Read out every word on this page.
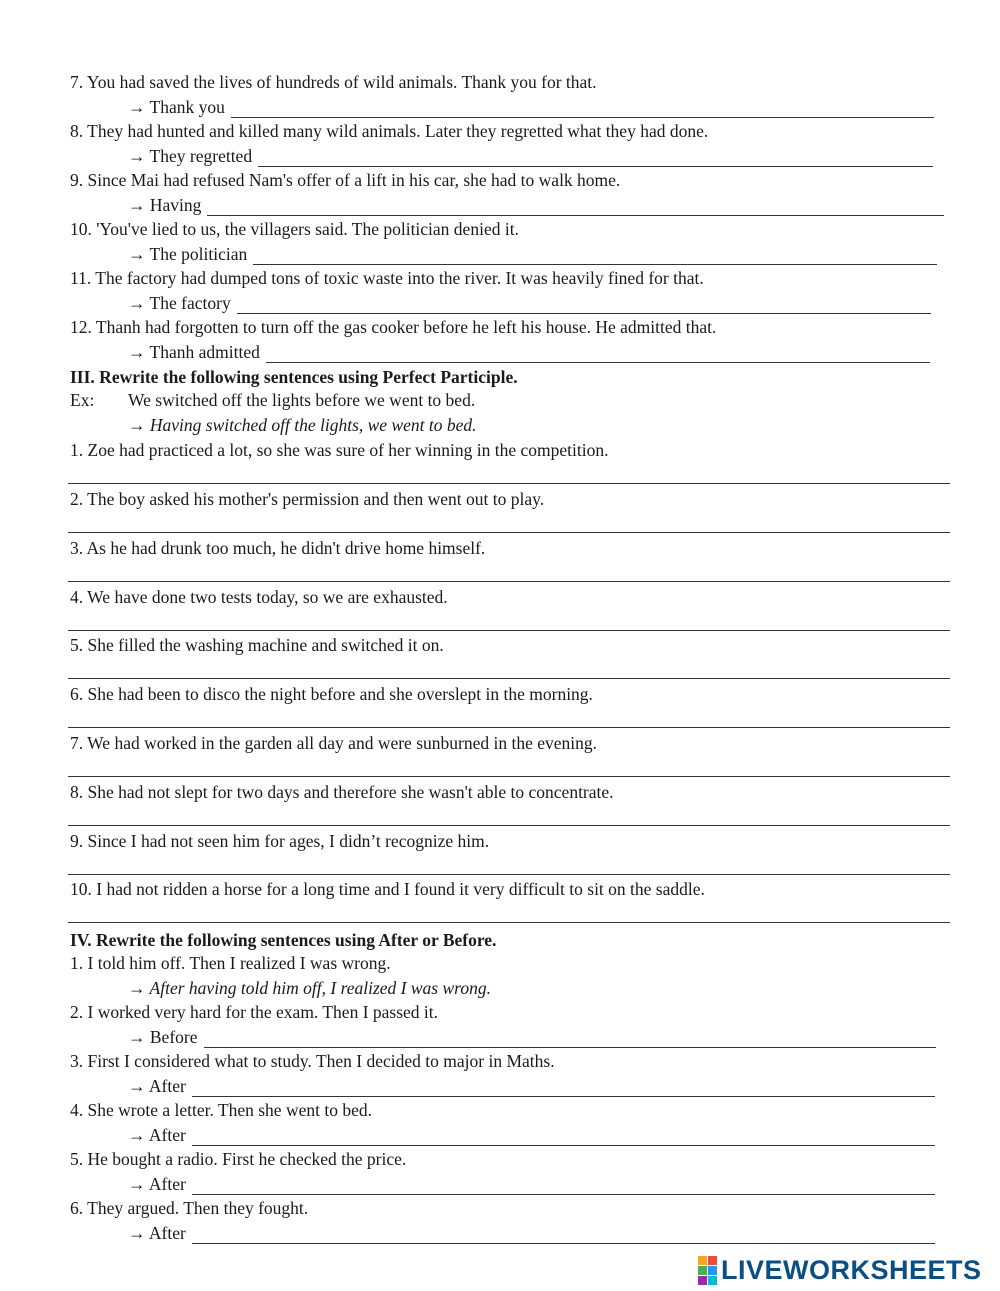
7. You had saved the lives of hundreds of wild animals. Thank you for that.
→ Thank you
8. They had hunted and killed many wild animals. Later they regretted what they had done.
→ They regretted
9. Since Mai had refused Nam's offer of a lift in his car, she had to walk home.
→ Having
10. 'You've lied to us, the villagers said. The politician denied it.
→ The politician
11. The factory had dumped tons of toxic waste into the river. It was heavily fined for that.
→ The factory
12. Thanh had forgotten to turn off the gas cooker before he left his house. He admitted that.
→ Thanh admitted
III. Rewrite the following sentences using Perfect Participle.
Ex: We switched off the lights before we went to bed.
→ Having switched off the lights, we went to bed.
1. Zoe had practiced a lot, so she was sure of her winning in the competition.
2. The boy asked his mother's permission and then went out to play.
3. As he had drunk too much, he didn't drive home himself.
4. We have done two tests today, so we are exhausted.
5. She filled the washing machine and switched it on.
6. She had been to disco the night before and she overslept in the morning.
7. We had worked in the garden all day and were sunburned in the evening.
8. She had not slept for two days and therefore she wasn't able to concentrate.
9. Since I had not seen him for ages, I didn’t recognize him.
10. I had not ridden a horse for a long time and I found it very difficult to sit on the saddle.
IV. Rewrite the following sentences using After or Before.
1. I told him off. Then I realized I was wrong.
→ After having told him off, I realized I was wrong.
2. I worked very hard for the exam. Then I passed it.
→ Before
3. First I considered what to study. Then I decided to major in Maths.
→ After
4. She wrote a letter. Then she went to bed.
→ After
5. He bought a radio. First he checked the price.
→ After
6. They argued. Then they fought.
→ After
LIVEWORKSHEETS
